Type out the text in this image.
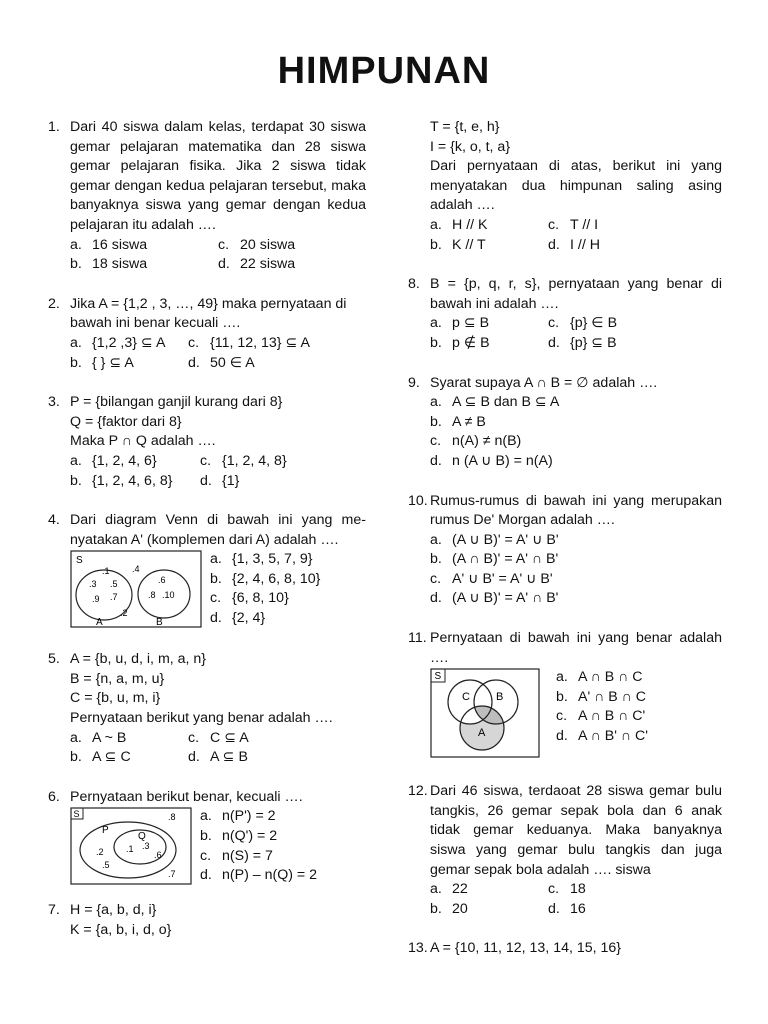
HIMPUNAN
1. Dari 40 siswa dalam kelas, terdapat 30 siswa gemar pelajaran matematika dan 28 siswa gemar pelajaran fisika. Jika 2 siswa tidak gemar dengan kedua pelajaran tersebut, maka banyaknya siswa yang gemar dengan kedua pelajaran itu adalah ….
a. 16 siswa	c. 20 siswa
b. 18 siswa	d. 22 siswa
2. Jika A = {1,2 , 3, …, 49} maka pernyataan di bawah ini benar kecuali ….
a. {1,2 ,3} ⊆ A c. {11, 12, 13} ⊆ A
b. { } ⊆ A	d. 50 ∈ A
3. P = {bilangan ganjil kurang dari 8}
Q = {faktor dari 8}
Maka P ∩ Q adalah ….
a. {1, 2, 4, 6}	c. {1, 2, 4, 8}
b. {1, 2, 4, 6, 8} d. {1}
4. Dari diagram Venn di bawah ini yang me-nyatakan A' (komplemen dari A) adalah ….
S
.1
.3 .5
.9 .7
.4
.6
.8 .10
.2
A	B
a. {1, 3, 5, 7, 9}
b. {2, 4, 6, 8, 10}
c. {6, 8, 10}
d. {2, 4}
5. A = {b, u, d, i, m, a, n}
B = {n, a, m, u}
C = {b, u, m, i}
Pernyataan berikut yang benar adalah ….
a. A ~ B	c. C ⊆ A
b. A ⊆ C	d. A ⊆ B
6. Pernyataan berikut benar, kecuali ….
S
P
Q
.8
.3
.1
.2	.6
.5
.7
a. n(P') = 2
b. n(Q') = 2
c. n(S) = 7
d. n(P) – n(Q) = 2
7. H = {a, b, d, i}
K = {a, b, i, d, o}
T = {t, e, h}
I = {k, o, t, a}
Dari pernyataan di atas, berikut ini yang menyatakan dua himpunan saling asing adalah ….
a. H // K	c. T // I
b. K // T	d. I // H
8. B = {p, q, r, s}, pernyataan yang benar di bawah ini adalah ….
a. p ⊆ B	c. {p} ∈ B
b. p ∉ B	d. {p} ⊆ B
9. Syarat supaya A ∩ B = ∅ adalah ….
a. A ⊆ B dan B ⊆ A
b. A ≠ B
c. n(A) ≠ n(B)
d. n (A ∪ B) = n(A)
10. Rumus-rumus di bawah ini yang merupakan rumus De' Morgan adalah ….
a. (A ∪ B)' = A' ∪ B'
b. (A ∩ B)' = A' ∩ B'
c. A' ∪ B' = A' ∪ B'
d. (A ∪ B)' = A' ∩ B'
11. Pernyataan di bawah ini yang benar adalah ….
S
C B
A
a. A ∩ B ∩ C
b. A' ∩ B ∩ C
c. A ∩ B ∩ C'
d. A ∩ B' ∩ C'
12. Dari 46 siswa, terdaoat 28 siswa gemar bulu tangkis, 26 gemar sepak bola dan 6 anak tidak gemar keduanya. Maka banyaknya siswa yang gemar bulu tangkis dan juga gemar sepak bola adalah …. siswa
a. 22	c. 18
b. 20	d. 16
13. A = {10, 11, 12, 13, 14, 15, 16}
